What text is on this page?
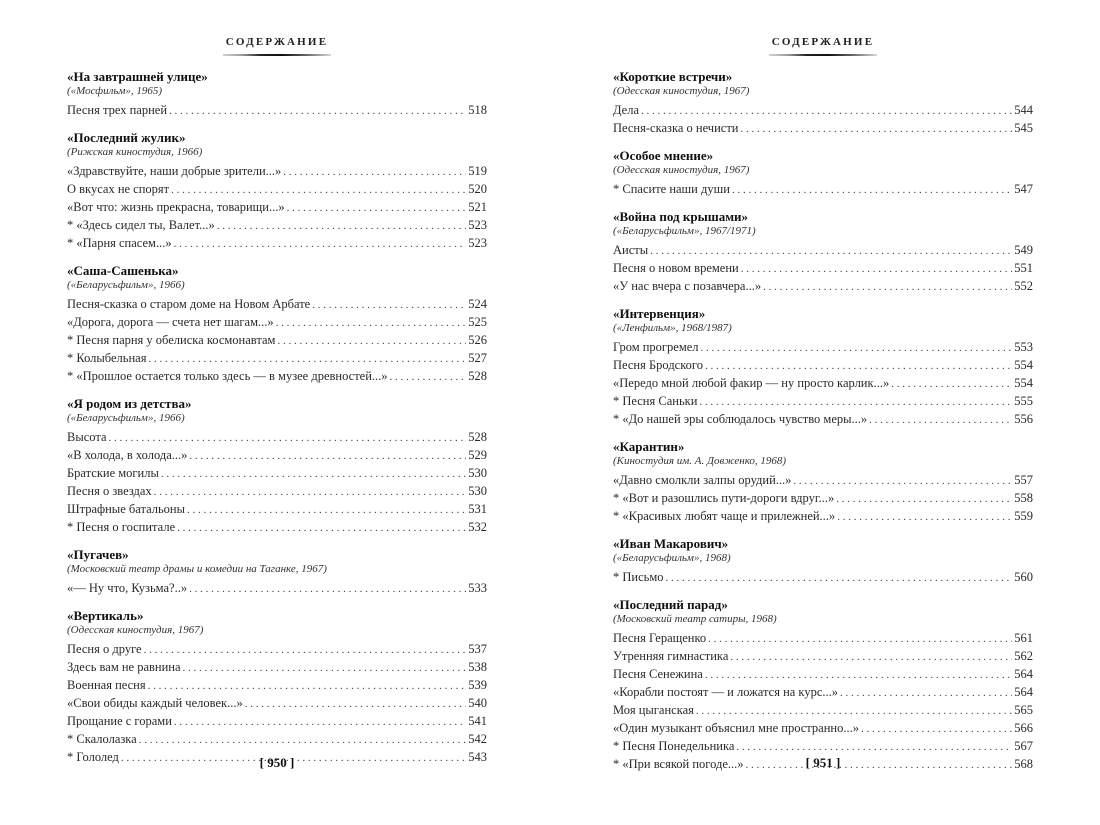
СОДЕРЖАНИЕ
«На завтрашней улице»
(«Мосфильм», 1965)
Песня трех парней . . .	518
«Последний жулик»
(Рижская киностудия, 1966)
«Здравствуйте, наши добрые зрители...» . . .	519
О вкусах не спорят . . .	520
«Вот что: жизнь прекрасна, товарищи...» . . .	521
* «Здесь сидел ты, Валет...» . . .	523
* «Парня спасем...» . . .	523
«Саша-Сашенька»
(«Беларусьфильм», 1966)
Песня-сказка о старом доме на Новом Арбате . . .	524
«Дорога, дорога — счета нет шагам...» . . .	525
* Песня парня у обелиска космонавтам . . .	526
* Колыбельная . . .	527
* «Прошлое остается только здесь — в музее древностей...» . . .	528
«Я родом из детства»
(«Беларусьфильм», 1966)
Высота . . .	528
«В холода, в холода...» . . .	529
Братские могилы . . .	530
Песня о звездах . . .	530
Штрафные батальоны . . .	531
* Песня о госпитале . . .	532
«Пугачев»
(Московский театр драмы и комедии на Таганке, 1967)
«— Ну что, Кузьма?..» . . .	533
«Вертикаль»
(Одесская киностудия, 1967)
Песня о друге . . .	537
Здесь вам не равнина . . .	538
Военная песня . . .	539
«Свои обиды каждый человек...» . . .	540
Прощание с горами . . .	541
* Скалолазка . . .	542
* Гололед . . .	543
[ 950 ]
СОДЕРЖАНИЕ
«Короткие встречи»
(Одесская киностудия, 1967)
Дела . . .	544
Песня-сказка о нечисти . . .	545
«Особое мнение»
(Одесская киностудия, 1967)
* Спасите наши души . . .	547
«Война под крышами»
(«Беларусьфильм», 1967/1971)
Аисты . . .	549
Песня о новом времени . . .	551
«У нас вчера с позавчера...» . . .	552
«Интервенция»
(«Ленфильм», 1968/1987)
Гром прогремел . . .	553
Песня Бродского . . .	554
«Передо мной любой факир — ну просто карлик...» . . .	554
* Песня Саньки . . .	555
* «До нашей эры соблюдалось чувство меры...» . . .	556
«Карантин»
(Киностудия им. А. Довженко, 1968)
«Давно смолкли залпы орудий...» . . .	557
* «Вот и разошлись пути-дороги вдруг...» . . .	558
* «Красивых любят чаще и прилежней...» . . .	559
«Иван Макарович»
(«Беларусьфильм», 1968)
* Письмо . . .	560
«Последний парад»
(Московский театр сатиры, 1968)
Песня Геращенко . . .	561
Утренняя гимнастика . . .	562
Песня Сенежина . . .	564
«Корабли постоят — и ложатся на курс...» . . .	564
Моя цыганская . . .	565
«Один музыкант объяснил мне пространно...» . . .	566
* Песня Понедельника . . .	567
* «При всякой погоде...» . . .	568
[ 951 ]
